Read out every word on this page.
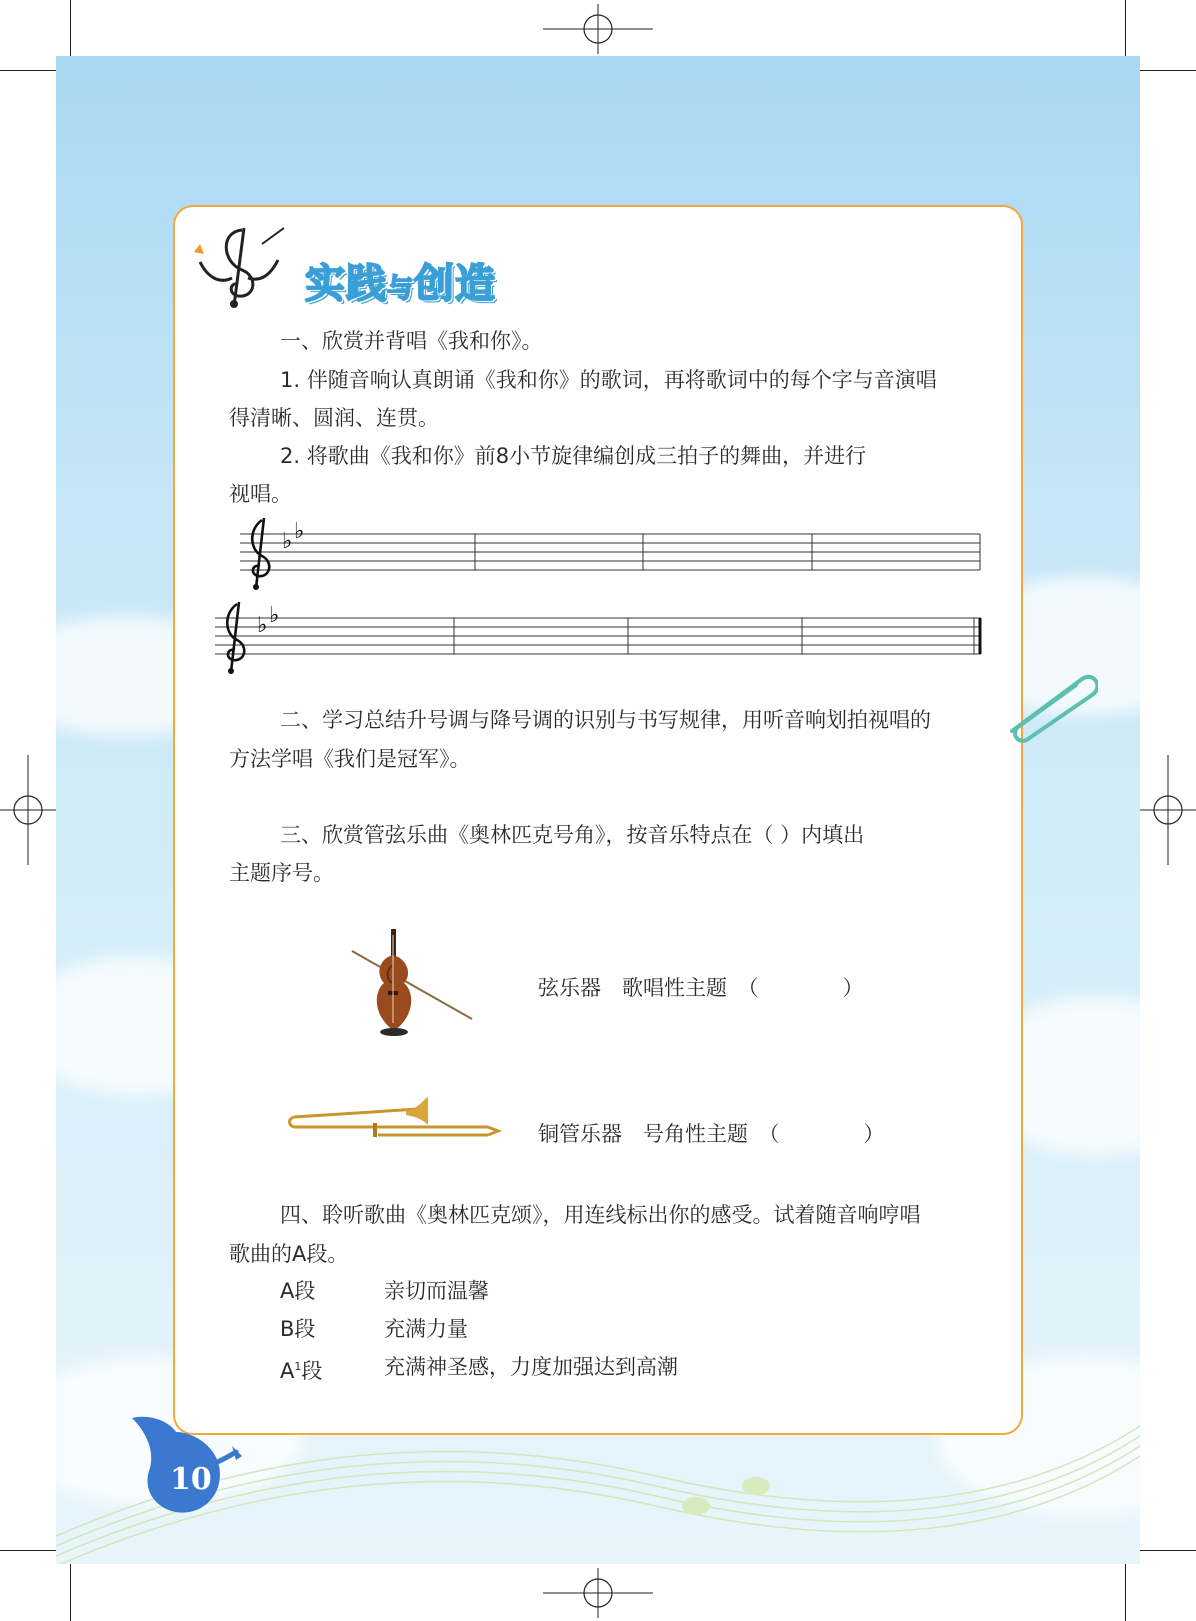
实践与创造
一、欣赏并背唱《我和你》。
1. 伴随音响认真朗诵《我和你》的歌词，再将歌词中的每个字与音演唱
得清晰、圆润、连贯。
2. 将歌曲《我和你》前8小节旋律编创成三拍子的舞曲，并进行
视唱。
♭ ♭
♭ ♭
二、学习总结升号调与降号调的识别与书写规律，用听音响划拍视唱的
方法学唱《我们是冠军》。
三、欣赏管弦乐曲《奥林匹克号角》，按音乐特点在（ ）内填出
主题序号。
弦乐器　歌唱性主题　（　　　　）
铜管乐器　号角性主题　（　　　　）
四、聆听歌曲《奥林匹克颂》，用连线标出你的感受。试着随音响哼唱
歌曲的A段。
A段	亲切而温馨
B段	充满力量
$A^1$段	充满神圣感，力度加强达到高潮
10
